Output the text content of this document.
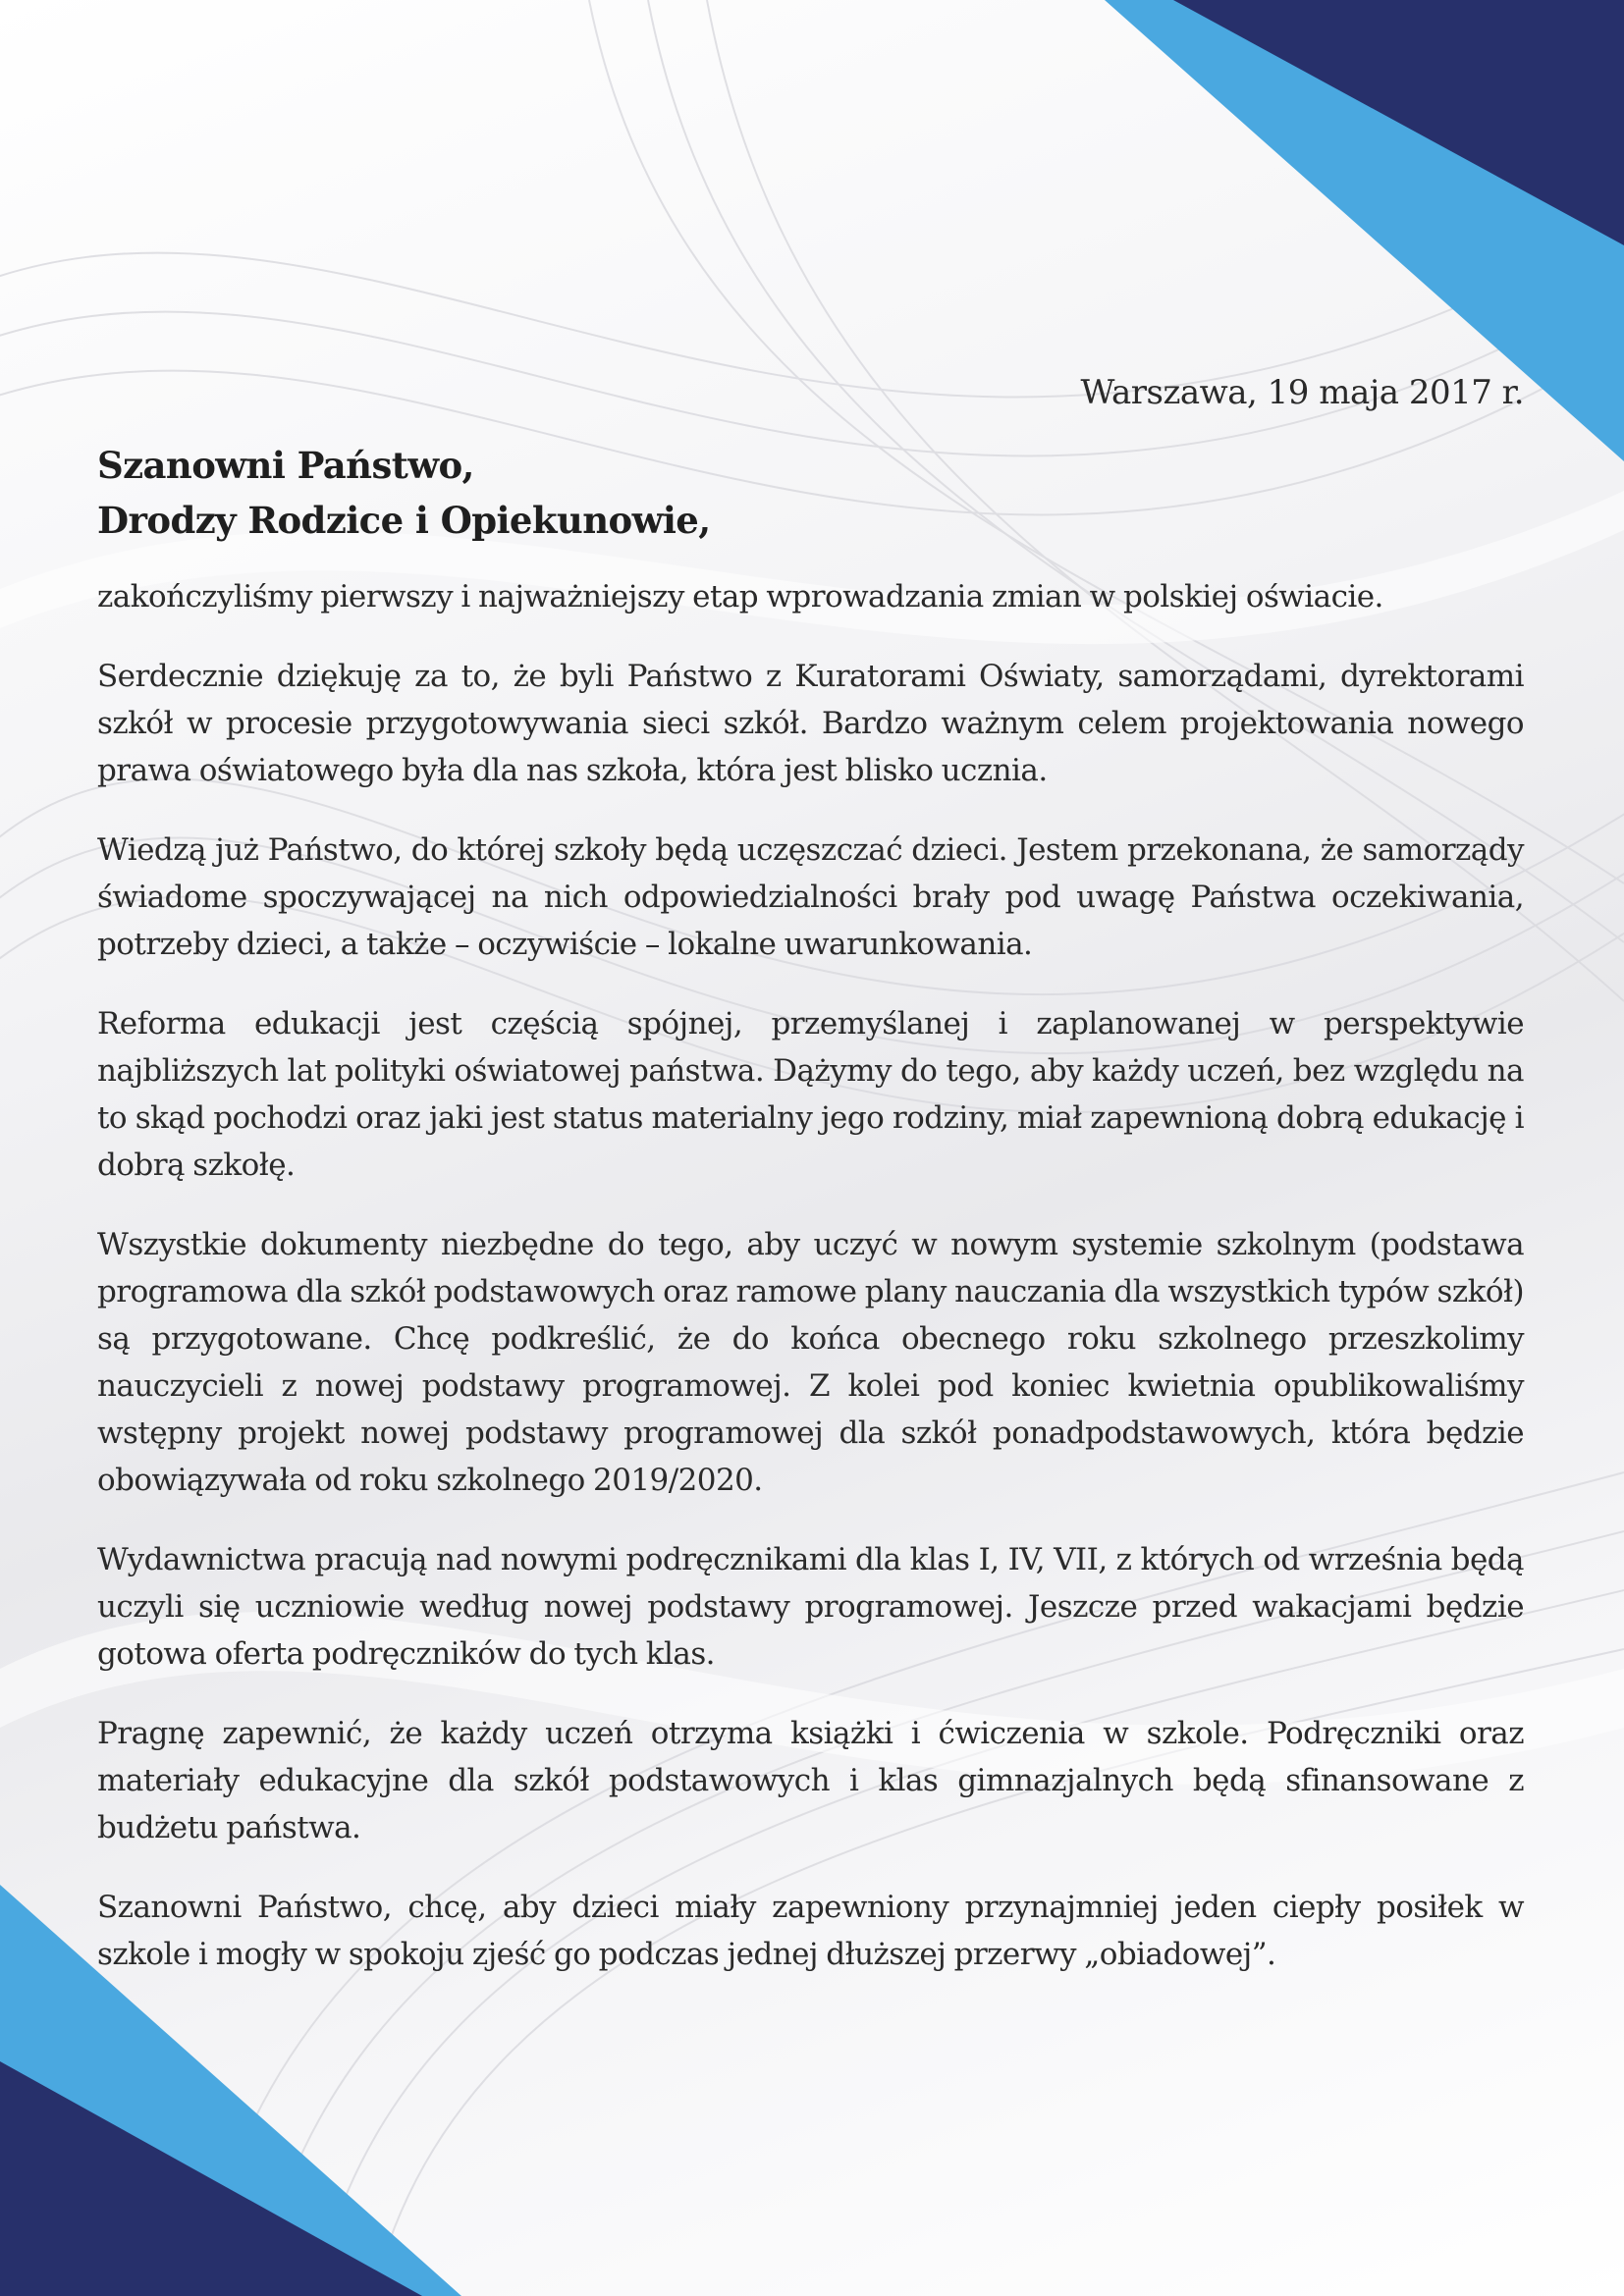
Warszawa, 19 maja 2017 r.

Szanowni Państwo,

Drodzy Rodzice i Opiekunowie,

zakończyliśmy pierwszy i najważniejszy etap wprowadzania zmian w polskiej oświacie.

Serdecznie dziękuję za to, że byli Państwo z Kuratorami Oświaty, samorządami, dyrektorami szkół w procesie przygotowywania sieci szkół. Bardzo ważnym celem projektowania nowego prawa oświatowego była dla nas szkoła, która jest blisko ucznia.

Wiedzą już Państwo, do której szkoły będą uczęszczać dzieci. Jestem przekonana, że samorządy świadome spoczywającej na nich odpowiedzialności brały pod uwagę Państwa oczekiwania, potrzeby dzieci, a także – oczywiście – lokalne uwarunkowania.

Reforma edukacji jest częścią spójnej, przemyślanej i zaplanowanej w perspektywie najbliższych lat polityki oświatowej państwa. Dążymy do tego, aby każdy uczeń, bez względu na to skąd pochodzi oraz jaki jest status materialny jego rodziny, miał zapewnioną dobrą edukację i dobrą szkołę.

Wszystkie dokumenty niezbędne do tego, aby uczyć w nowym systemie szkolnym (podstawa programowa dla szkół podstawowych oraz ramowe plany nauczania dla wszystkich typów szkół) są przygotowane. Chcę podkreślić, że do końca obecnego roku szkolnego przeszkolimy nauczycieli z nowej podstawy programowej. Z kolei pod koniec kwietnia opublikowaliśmy wstępny projekt nowej podstawy programowej dla szkół ponadpodstawowych, która będzie obowiązywała od roku szkolnego 2019/2020.

Wydawnictwa pracują nad nowymi podręcznikami dla klas I, IV, VII, z których od września będą uczyli się uczniowie według nowej podstawy programowej. Jeszcze przed wakacjami będzie gotowa oferta podręczników do tych klas.

Pragnę zapewnić, że każdy uczeń otrzyma książki i ćwiczenia w szkole. Podręczniki oraz materiały edukacyjne dla szkół podstawowych i klas gimnazjalnych będą sfinansowane z budżetu państwa.

Szanowni Państwo, chcę, aby dzieci miały zapewniony przynajmniej jeden ciepły posiłek w szkole i mogły w spokoju zjeść go podczas jednej dłuższej przerwy „obiadowej”.
